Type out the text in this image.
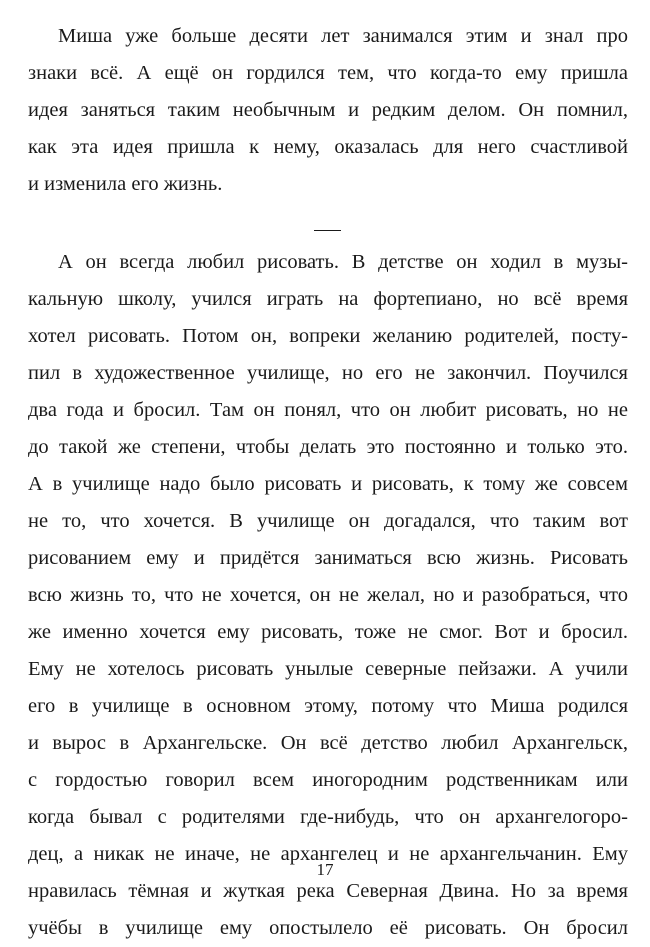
Миша уже больше десяти лет занимался этим и знал про
знаки всё. А ещё он гордился тем, что когда-то ему пришла
идея заняться таким необычным и редким делом. Он помнил,
как эта идея пришла к нему, оказалась для него счастливой
и изменила его жизнь.
А он всегда любил рисовать. В детстве он ходил в музы-
кальную школу, учился играть на фортепиано, но всё время
хотел рисовать. Потом он, вопреки желанию родителей, посту-
пил в художественное училище, но его не закончил. Поучился
два года и бросил. Там он понял, что он любит рисовать, но не
до такой же степени, чтобы делать это постоянно и только это.
А в училище надо было рисовать и рисовать, к тому же совсем
не то, что хочется. В училище он догадался, что таким вот
рисованием ему и придётся заниматься всю жизнь. Рисовать
всю жизнь то, что не хочется, он не желал, но и разобраться, что
же именно хочется ему рисовать, тоже не смог. Вот и бросил.
Ему не хотелось рисовать унылые северные пейзажи. А учили
его в училище в основном этому, потому что Миша родился
и вырос в Архангельске. Он всё детство любил Архангельск,
с гордостью говорил всем иногородним родственникам или
когда бывал с родителями где-нибудь, что он архангелогоро-
дец, а никак не иначе, не архангелец и не архангельчанин. Ему
нравилась тёмная и жуткая река Северная Двина. Но за время
учёбы в училище ему опостылело её рисовать. Он бросил
17
